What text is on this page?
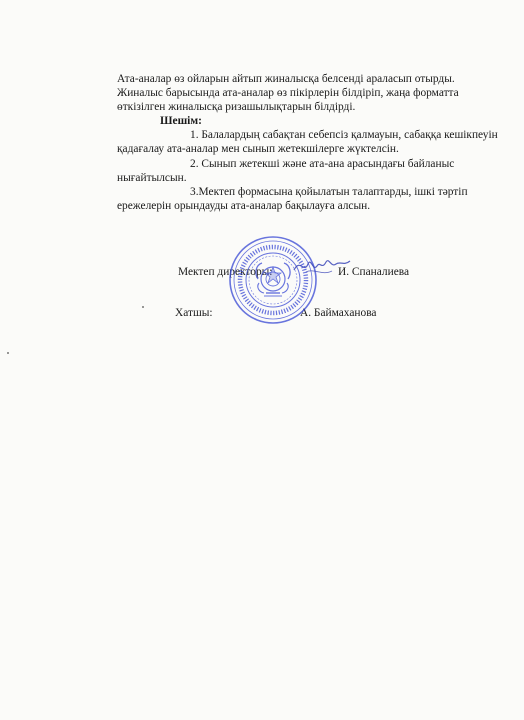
Ата-аналар өз ойларын айтып жиналысқа белсенді араласып отырды.
Жиналыс барысында ата-аналар өз пікірлерін білдіріп, жаңа форматта
өткізілген жиналысқа ризашылықтарын білдірді.
Шешім:
1. Балалардың сабақтан себепсіз қалмауын, сабаққа кешікпеуін
қадағалау ата-аналар мен сынып жетекшілерге жүктелсін.
2. Сынып жетекші және ата-ана арасындағы байланыс
нығайтылсын.
3.Мектеп формасына қойылатын талаптарды, ішкі тәртіп
ережелерін орындауды ата-аналар бақылауға алсын.
Мектеп директоры:	И. Спаналиева
Хатшы:	А. Баймаханова
